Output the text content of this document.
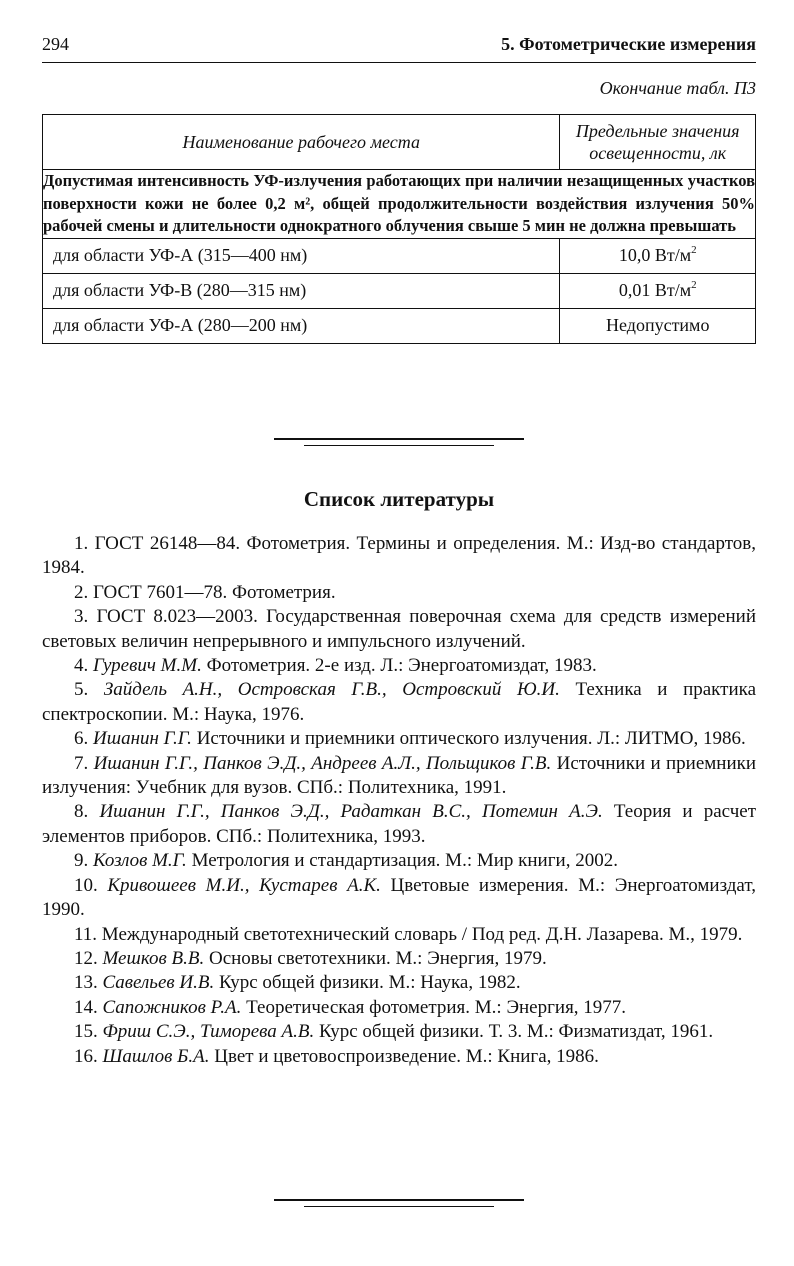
294	5. Фотометрические измерения
Окончание табл. П3
Наименование рабочего места	Предельные значения освещенности, лк
Допустимая интенсивность УФ-излучения работающих при наличии незащищенных участков поверхности кожи не более 0,2 м², общей продолжительности воздействия излучения 50% рабочей смены и длительности однократного облучения свыше 5 мин не должна превышать	
для области УФ-А (315—400 нм)	10,0 $Вт/м^2$
для области УФ-В (280—315 нм)	0,01 $Вт/м^2$
для области УФ-А (280—200 нм)	Недопустимо
Список литературы

1. ГОСТ 26148—84. Фотометрия. Термины и определения. М.: Изд-во стандартов, 1984.

2. ГОСТ 7601—78. Фотометрия.

3. ГОСТ 8.023—2003. Государственная поверочная схема для средств измерений световых величин непрерывного и импульсного излучений.

4. Гуревич М.М. Фотометрия. 2-е изд. Л.: Энергоатомиздат, 1983.

5. Зайдель А.Н., Островская Г.В., Островский Ю.И. Техника и практика спектроскопии. М.: Наука, 1976.

6. Ишанин Г.Г. Источники и приемники оптического излучения. Л.: ЛИТМО, 1986.

7. Ишанин Г.Г., Панков Э.Д., Андреев А.Л., Польщиков Г.В. Источники и приемники излучения: Учебник для вузов. СПб.: Политехника, 1991.

8. Ишанин Г.Г., Панков Э.Д., Радаткан В.С., Потемин А.Э. Теория и расчет элементов приборов. СПб.: Политехника, 1993.

9. Козлов М.Г. Метрология и стандартизация. М.: Мир книги, 2002.

10. Кривошеев М.И., Кустарев А.К. Цветовые измерения. М.: Энергоатомиздат, 1990.

11. Международный светотехнический словарь / Под ред. Д.Н. Лазарева. М., 1979.

12. Мешков В.В. Основы светотехники. М.: Энергия, 1979.

13. Савельев И.В. Курс общей физики. М.: Наука, 1982.

14. Сапожников Р.А. Теоретическая фотометрия. М.: Энергия, 1977.

15. Фриш С.Э., Тиморева А.В. Курс общей физики. Т. 3. М.: Физматиздат, 1961.

16. Шашлов Б.А. Цвет и цветовоспроизведение. М.: Книга, 1986.
